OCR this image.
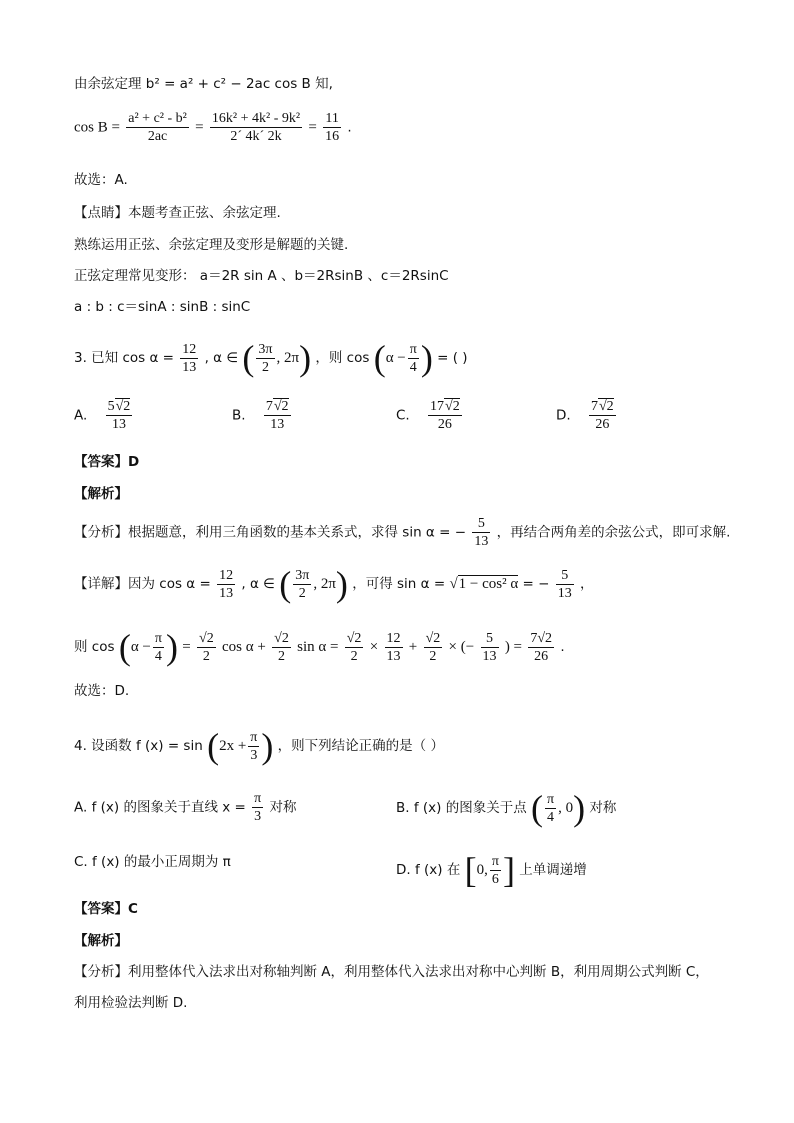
由余弦定理 b² = a² + c² − 2ac cos B 知,
$\cos B = \frac{\text{a² + c² - b²}}{2ac} = \frac{\text{16k² + 4k² - 9k²}}{2´ 4k´ 2k} = \frac{11}{16}$ .
故选：A.
【点睛】本题考查正弦、余弦定理.
熟练运用正弦、余弦定理及变形是解题的关键.
正弦定理常见变形： a＝2R sin A 、b＝2RsinB 、c＝2RsinC
a : b : c＝sinA : sinB : sinC
3. 已知 $\cos \alpha = \frac{12}{13}$ , α ∈ ( $\frac{3\pi}{2}$ , 2π) ，则 $\cos (\alpha - \frac{\pi}{4}$ ) = ( )
A. $\frac{5√2}{13}$	B. $\frac{7√2}{13}$	C. $\frac{17√2}{26}$	D. $\frac{7√2}{26}$
【答案】D
【解析】
【分析】根据题意，利用三角函数的基本关系式，求得 sin α = − $\frac{5}{13}$ ，再结合两角差的余弦公式，即可求解.
【详解】因为 $\cos \alpha = \frac{12}{13}$ , α ∈ ( $\frac{3\pi}{2}$ , 2π) ，可得 sin α = √1 − cos² α = − $\frac{5}{13}$ ，
则 $\cos (\alpha - \frac{\pi}{4}$ ) = $\frac{√2}{2}$ $\cos \alpha + \frac{√2}{2}$ $\sin \alpha = \frac{√2}{2} \times \frac{12}{13} + \frac{√2}{2}$ × (− $\frac{5}{13}$ ) = $\frac{7√2}{26}$ .
故选：D.
4. 设函数 f $(x) = \sin (2x + \frac{\pi}{3}$ ) ，则下列结论正确的是（ ）
A. f (x) 的图象关于直线 $x = \frac{\pi}{3}$ 对称	B. f (x) 的图象关于点 ( $\frac{\pi}{4}$ , 0) 对称
C. f (x) 的最小正周期为 π	D. f (x) 在 [0, $\frac{\pi}{6}$ ] 上单调递增
【答案】C
【解析】
【分析】利用整体代入法求出对称轴判断 A，利用整体代入法求出对称中心判断 B，利用周期公式判断 C，
利用检验法判断 D.
